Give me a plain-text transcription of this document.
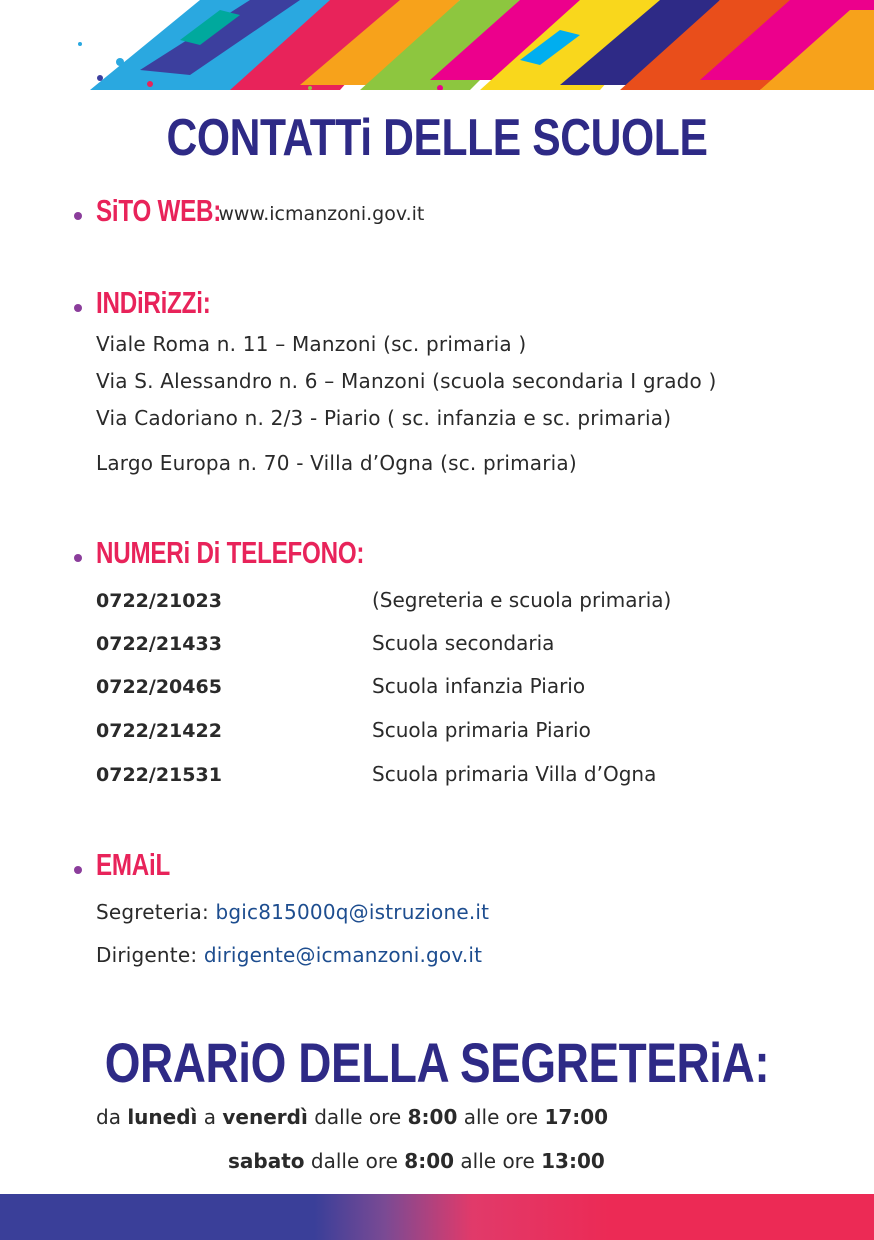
CONTATTi DELLE SCUOLE
SiTO WEB:
www.icmanzoni.gov.it
INDiRiZZi:
Viale Roma n. 11 – Manzoni (sc. primaria )
Via S. Alessandro n. 6 – Manzoni (scuola secondaria I grado )
Via Cadoriano n. 2/3 - Piario ( sc. infanzia e sc. primaria)
Largo Europa n. 70 - Villa d’Ogna (sc. primaria)
NUMERi Di TELEFONO:
0722/21023	(Segreteria e scuola primaria)
0722/21433	Scuola secondaria
0722/20465	Scuola infanzia Piario
0722/21422	Scuola primaria Piario
0722/21531	Scuola primaria Villa d’Ogna
EMAiL
Segreteria: bgic815000q@istruzione.it
Dirigente: dirigente@icmanzoni.gov.it
ORARiO DELLA SEGRETERiA:
da lunedì a venerdì dalle ore 8:00 alle ore 17:00
sabato dalle ore 8:00 alle ore 13:00
